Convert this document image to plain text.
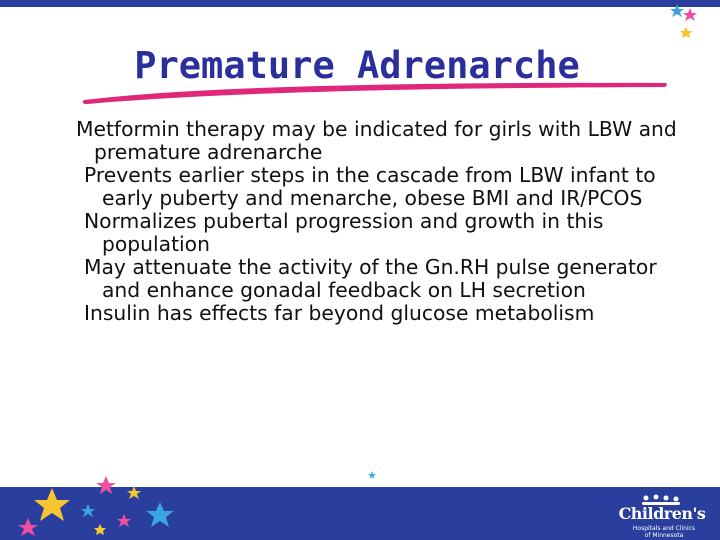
Premature Adrenarche

Metformin therapy may be indicated for girls with LBW and premature adrenarche

Prevents earlier steps in the cascade from LBW infant to early puberty and menarche, obese BMI and IR/PCOS

Normalizes pubertal progression and growth in this population

May attenuate the activity of the Gn.RH pulse generator and enhance gonadal feedback on LH secretion

Insulin has effects far beyond glucose metabolism

Children's
Hospitals and Clinics
of Minnesota
